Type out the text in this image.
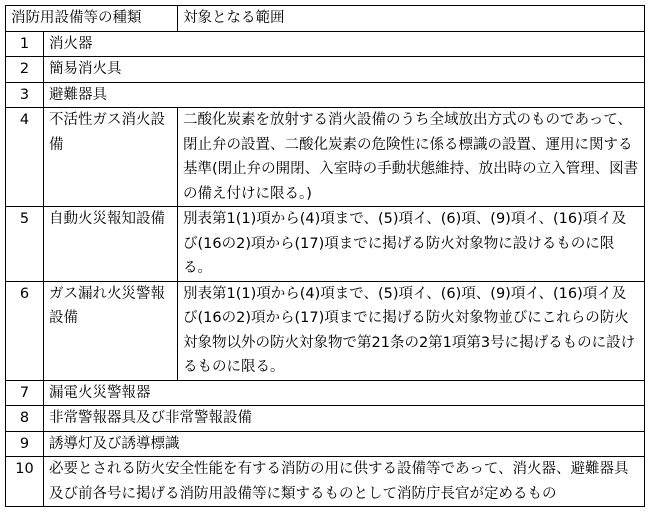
消防用設備等の種類		対象となる範囲
1	消火器	
2	簡易消火具	
3	避難器具	
4	不活性ガス消火設備	二酸化炭素を放射する消火設備のうち全域放出方式のものであって、閉止弁の設置、二酸化炭素の危険性に係る標識の設置、運用に関する基準(閉止弁の開閉、入室時の手動状態維持、放出時の立入管理、図書の備え付けに限る。)
5	自動火災報知設備	別表第1(1)項から(4)項まで、(5)項イ、(6)項、(9)項イ、(16)項イ及び(16の2)項から(17)項までに掲げる防火対象物に設けるものに限る。
6	ガス漏れ火災警報設備	別表第1(1)項から(4)項まで、(5)項イ、(6)項、(9)項イ、(16)項イ及び(16の2)項から(17)項までに掲げる防火対象物並びにこれらの防火対象物以外の防火対象物で第21条の2第1項第3号に掲げるものに設けるものに限る。
7	漏電火災警報器	
8	非常警報器具及び非常警報設備	
9	誘導灯及び誘導標識	
10	必要とされる防火安全性能を有する消防の用に供する設備等であって、消火器、避難器具及び前各号に掲げる消防用設備等に類するものとして消防庁長官が定めるもの	
